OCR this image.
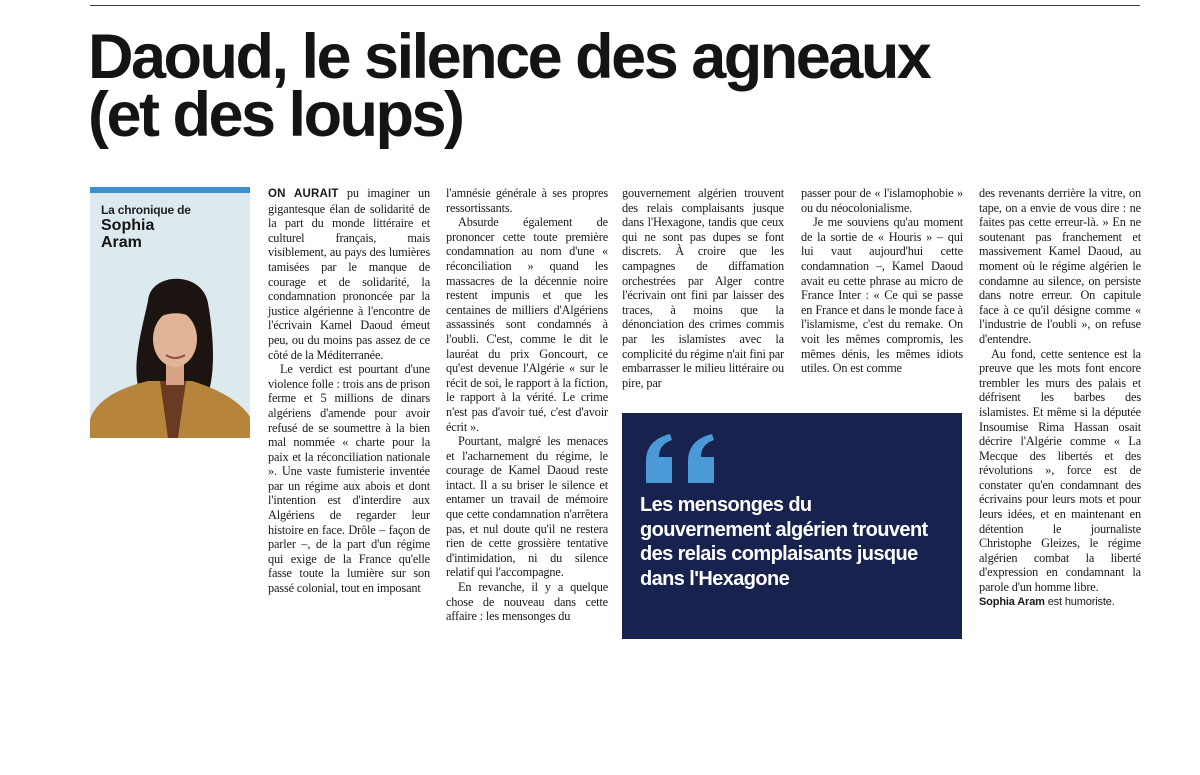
Daoud, le silence des agneaux
(et des loups)
La chronique de
Sophia
Aram

ON AURAIT pu imaginer un gigantesque élan de solidarité de la part du monde littéraire et culturel français, mais visiblement, au pays des lumières tamisées par le manque de courage et de solidarité, la condamnation prononcée par la justice algérienne à l'encontre de l'écrivain Kamel Daoud émeut peu, ou du moins pas assez de ce côté de la Méditerranée.

Le verdict est pourtant d'une violence folle : trois ans de prison ferme et 5 millions de dinars algériens d'amende pour avoir refusé de se soumettre à la bien mal nommée « charte pour la paix et la réconciliation nationale ». Une vaste fumisterie inventée par un régime aux abois et dont l'intention est d'interdire aux Algériens de regarder leur histoire en face. Drôle – façon de parler –, de la part d'un régime qui exige de la France qu'elle fasse toute la lumière sur son passé colonial, tout en imposant

l'amnésie générale à ses propres ressortissants.

Absurde également de prononcer cette toute première condamnation au nom d'une « réconciliation » quand les massacres de la décennie noire restent impunis et que les centaines de milliers d'Algériens assassinés sont condamnés à l'oubli. C'est, comme le dit le lauréat du prix Goncourt, ce qu'est devenue l'Algérie « sur le récit de soi, le rapport à la fiction, le rapport à la vérité. Le crime n'est pas d'avoir tué, c'est d'avoir écrit ».

Pourtant, malgré les menaces et l'acharnement du régime, le courage de Kamel Daoud reste intact. Il a su briser le silence et entamer un travail de mémoire que cette condamnation n'arrêtera pas, et nul doute qu'il ne restera rien de cette grossière tentative d'intimidation, ni du silence relatif qui l'accompagne.

En revanche, il y a quelque chose de nouveau dans cette affaire : les mensonges du

gouvernement algérien trouvent des relais complaisants jusque dans l'Hexagone, tandis que ceux qui ne sont pas dupes se font discrets. À croire que les campagnes de diffamation orchestrées par Alger contre l'écrivain ont fini par laisser des traces, à moins que la dénonciation des crimes commis par les islamistes avec la complicité du régime n'ait fini par embarrasser le milieu littéraire ou pire, par

passer pour de « l'islamophobie » ou du néocolonialisme.

Je me souviens qu'au moment de la sortie de « Houris » – qui lui vaut aujourd'hui cette condamnation –, Kamel Daoud avait eu cette phrase au micro de France Inter : « Ce qui se passe en France et dans le monde face à l'islamisme, c'est du remake. On voit les mêmes compromis, les mêmes dénis, les mêmes idiots utiles. On est comme

des revenants derrière la vitre, on tape, on a envie de vous dire : ne faites pas cette erreur-là. » En ne soutenant pas franchement et massivement Kamel Daoud, au moment où le régime algérien le condamne au silence, on persiste dans notre erreur. On capitule face à ce qu'il désigne comme « l'industrie de l'oubli », on refuse d'entendre.

Au fond, cette sentence est la preuve que les mots font encore trembler les murs des palais et défrisent les barbes des islamistes. Et même si la députée Insoumise Rima Hassan osait décrire l'Algérie comme « La Mecque des libertés et des révolutions », force est de constater qu'en condamnant des écrivains pour leurs mots et pour leurs idées, et en maintenant en détention le journaliste Christophe Gleizes, le régime algérien combat la liberté d'expression en condamnant la parole d'un homme libre.

Sophia Aram est humoriste.

Les mensonges du gouvernement algérien trouvent des relais complaisants jusque dans l'Hexagone
